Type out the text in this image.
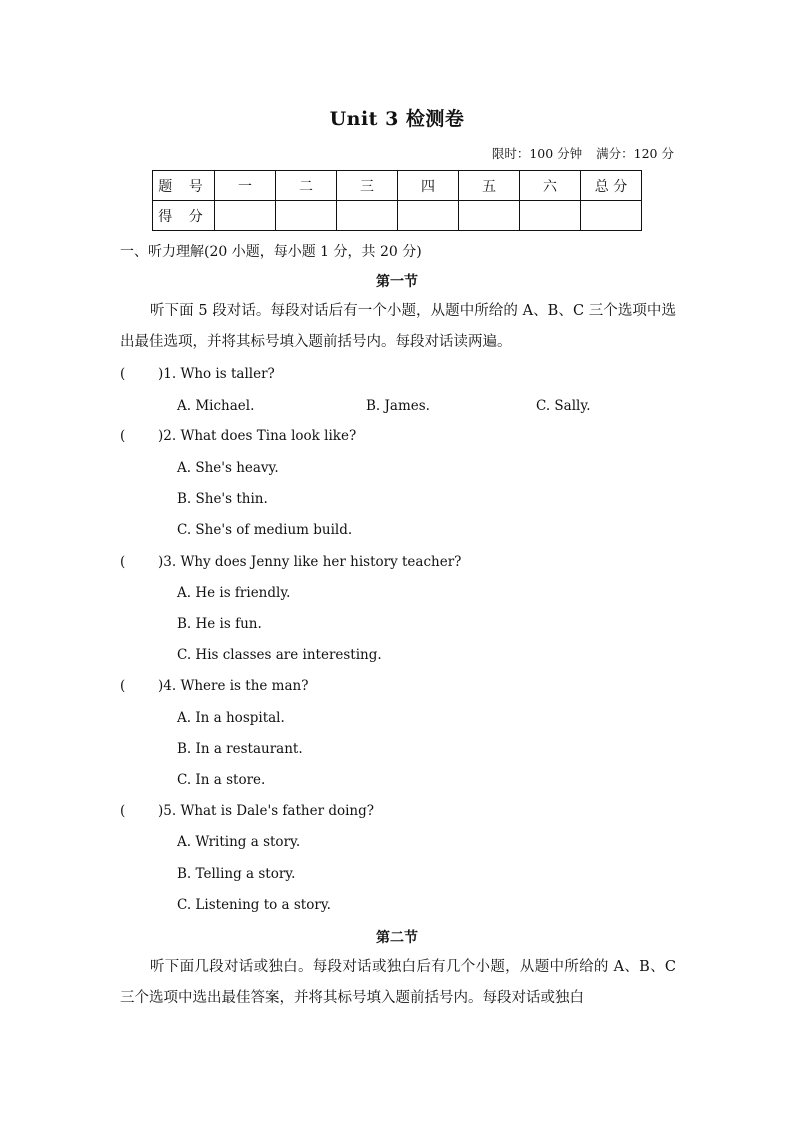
Unit 3 检测卷
限时：100 分钟 满分：120 分
题 号	一	二	三	四	五	六	总 分
得 分							
一、听力理解(20 小题，每小题 1 分，共 20 分)
第一节
听下面 5 段对话。每段对话后有一个小题，从题中所给的 A、B、C 三个选项中选出最佳选项，并将其标号填入题前括号内。每段对话读两遍。
( )1. Who is taller?
A. Michael.	B. James.	C. Sally.
( )2. What does Tina look like?
A. She's heavy.
B. She's thin.
C. She's of medium build.
( )3. Why does Jenny like her history teacher?
A. He is friendly.
B. He is fun.
C. His classes are interesting.
( )4. Where is the man?
A. In a hospital.
B. In a restaurant.
C. In a store.
( )5. What is Dale's father doing?
A. Writing a story.
B. Telling a story.
C. Listening to a story.
第二节
听下面几段对话或独白。每段对话或独白后有几个小题，从题中所给的 A、B、C 三个选项中选出最佳答案，并将其标号填入题前括号内。每段对话或独白
